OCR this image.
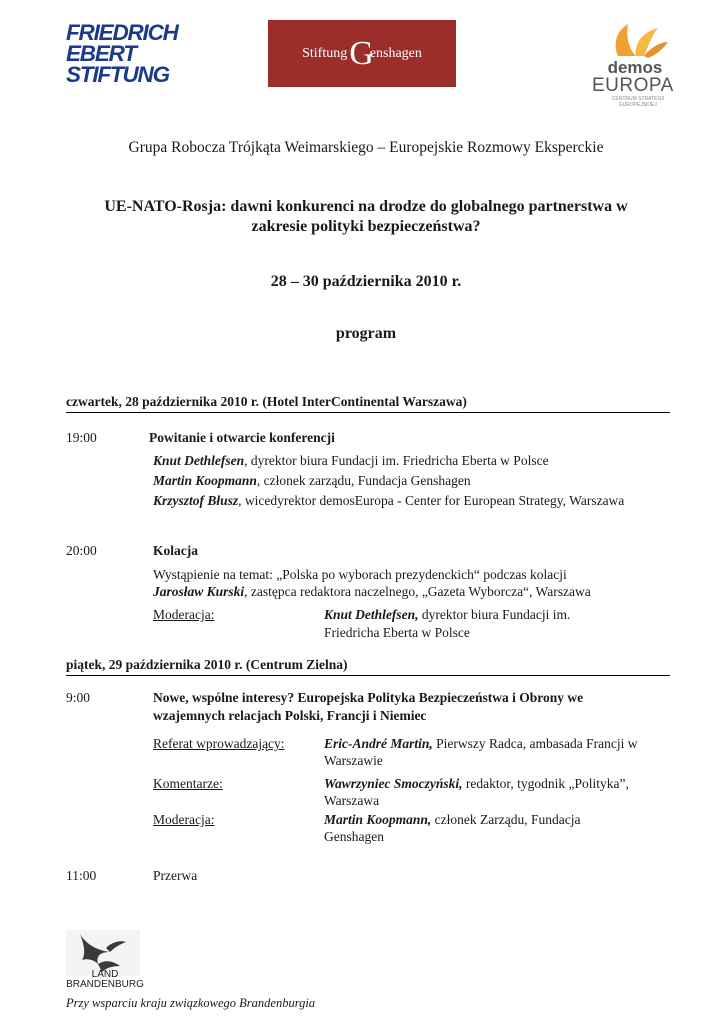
FRIEDRICH
EBERT
STIFTUNG
Stiftung G
enshagen
demos
EUROPA
CENTRUM STRATEGII EUROPEJSKIEJ
Grupa Robocza Trójkąta Weimarskiego – Europejskie Rozmowy Eksperckie
UE-NATO-Rosja: dawni konkurenci na drodze do globalnego partnerstwa w
zakresie polityki bezpieczeństwa?
28 – 30 października 2010 r.
program
czwartek, 28 października 2010 r. (Hotel InterContinental Warszawa)
19:00	Powitanie i otwarcie konferencji
Knut Dethlefsen, dyrektor biura Fundacji im. Friedricha Eberta w Polsce
Martin Koopmann, członek zarządu, Fundacja Genshagen
Krzysztof Błusz, wicedyrektor demosEuropa - Center for European Strategy, Warszawa
20:00	Kolacja
Wystąpienie na temat: „Polska po wyborach prezydenckich“ podczas kolacji
Jarosław Kurski, zastępca redaktora naczelnego, „Gazeta Wyborcza“, Warszawa
Moderacja:	Knut Dethlefsen, dyrektor biura Fundacji im.
Friedricha Eberta w Polsce
piątek, 29 października 2010 r. (Centrum Zielna)
9:00	Nowe, wspólne interesy? Europejska Polityka Bezpieczeństwa i Obrony we
wzajemnych relacjach Polski, Francji i Niemiec
Referat wprowadzający:	Eric-André Martin, Pierwszy Radca, ambasada Francji w
Warszawie
Komentarze:	Wawrzyniec Smoczyński, redaktor, tygodnik „Polityka”,
Warszawa
Moderacja:	Martin Koopmann, członek Zarządu, Fundacja
Genshagen
11:00	Przerwa
LAND
BRANDENBURG
Przy wsparciu kraju związkowego Brandenburgia
